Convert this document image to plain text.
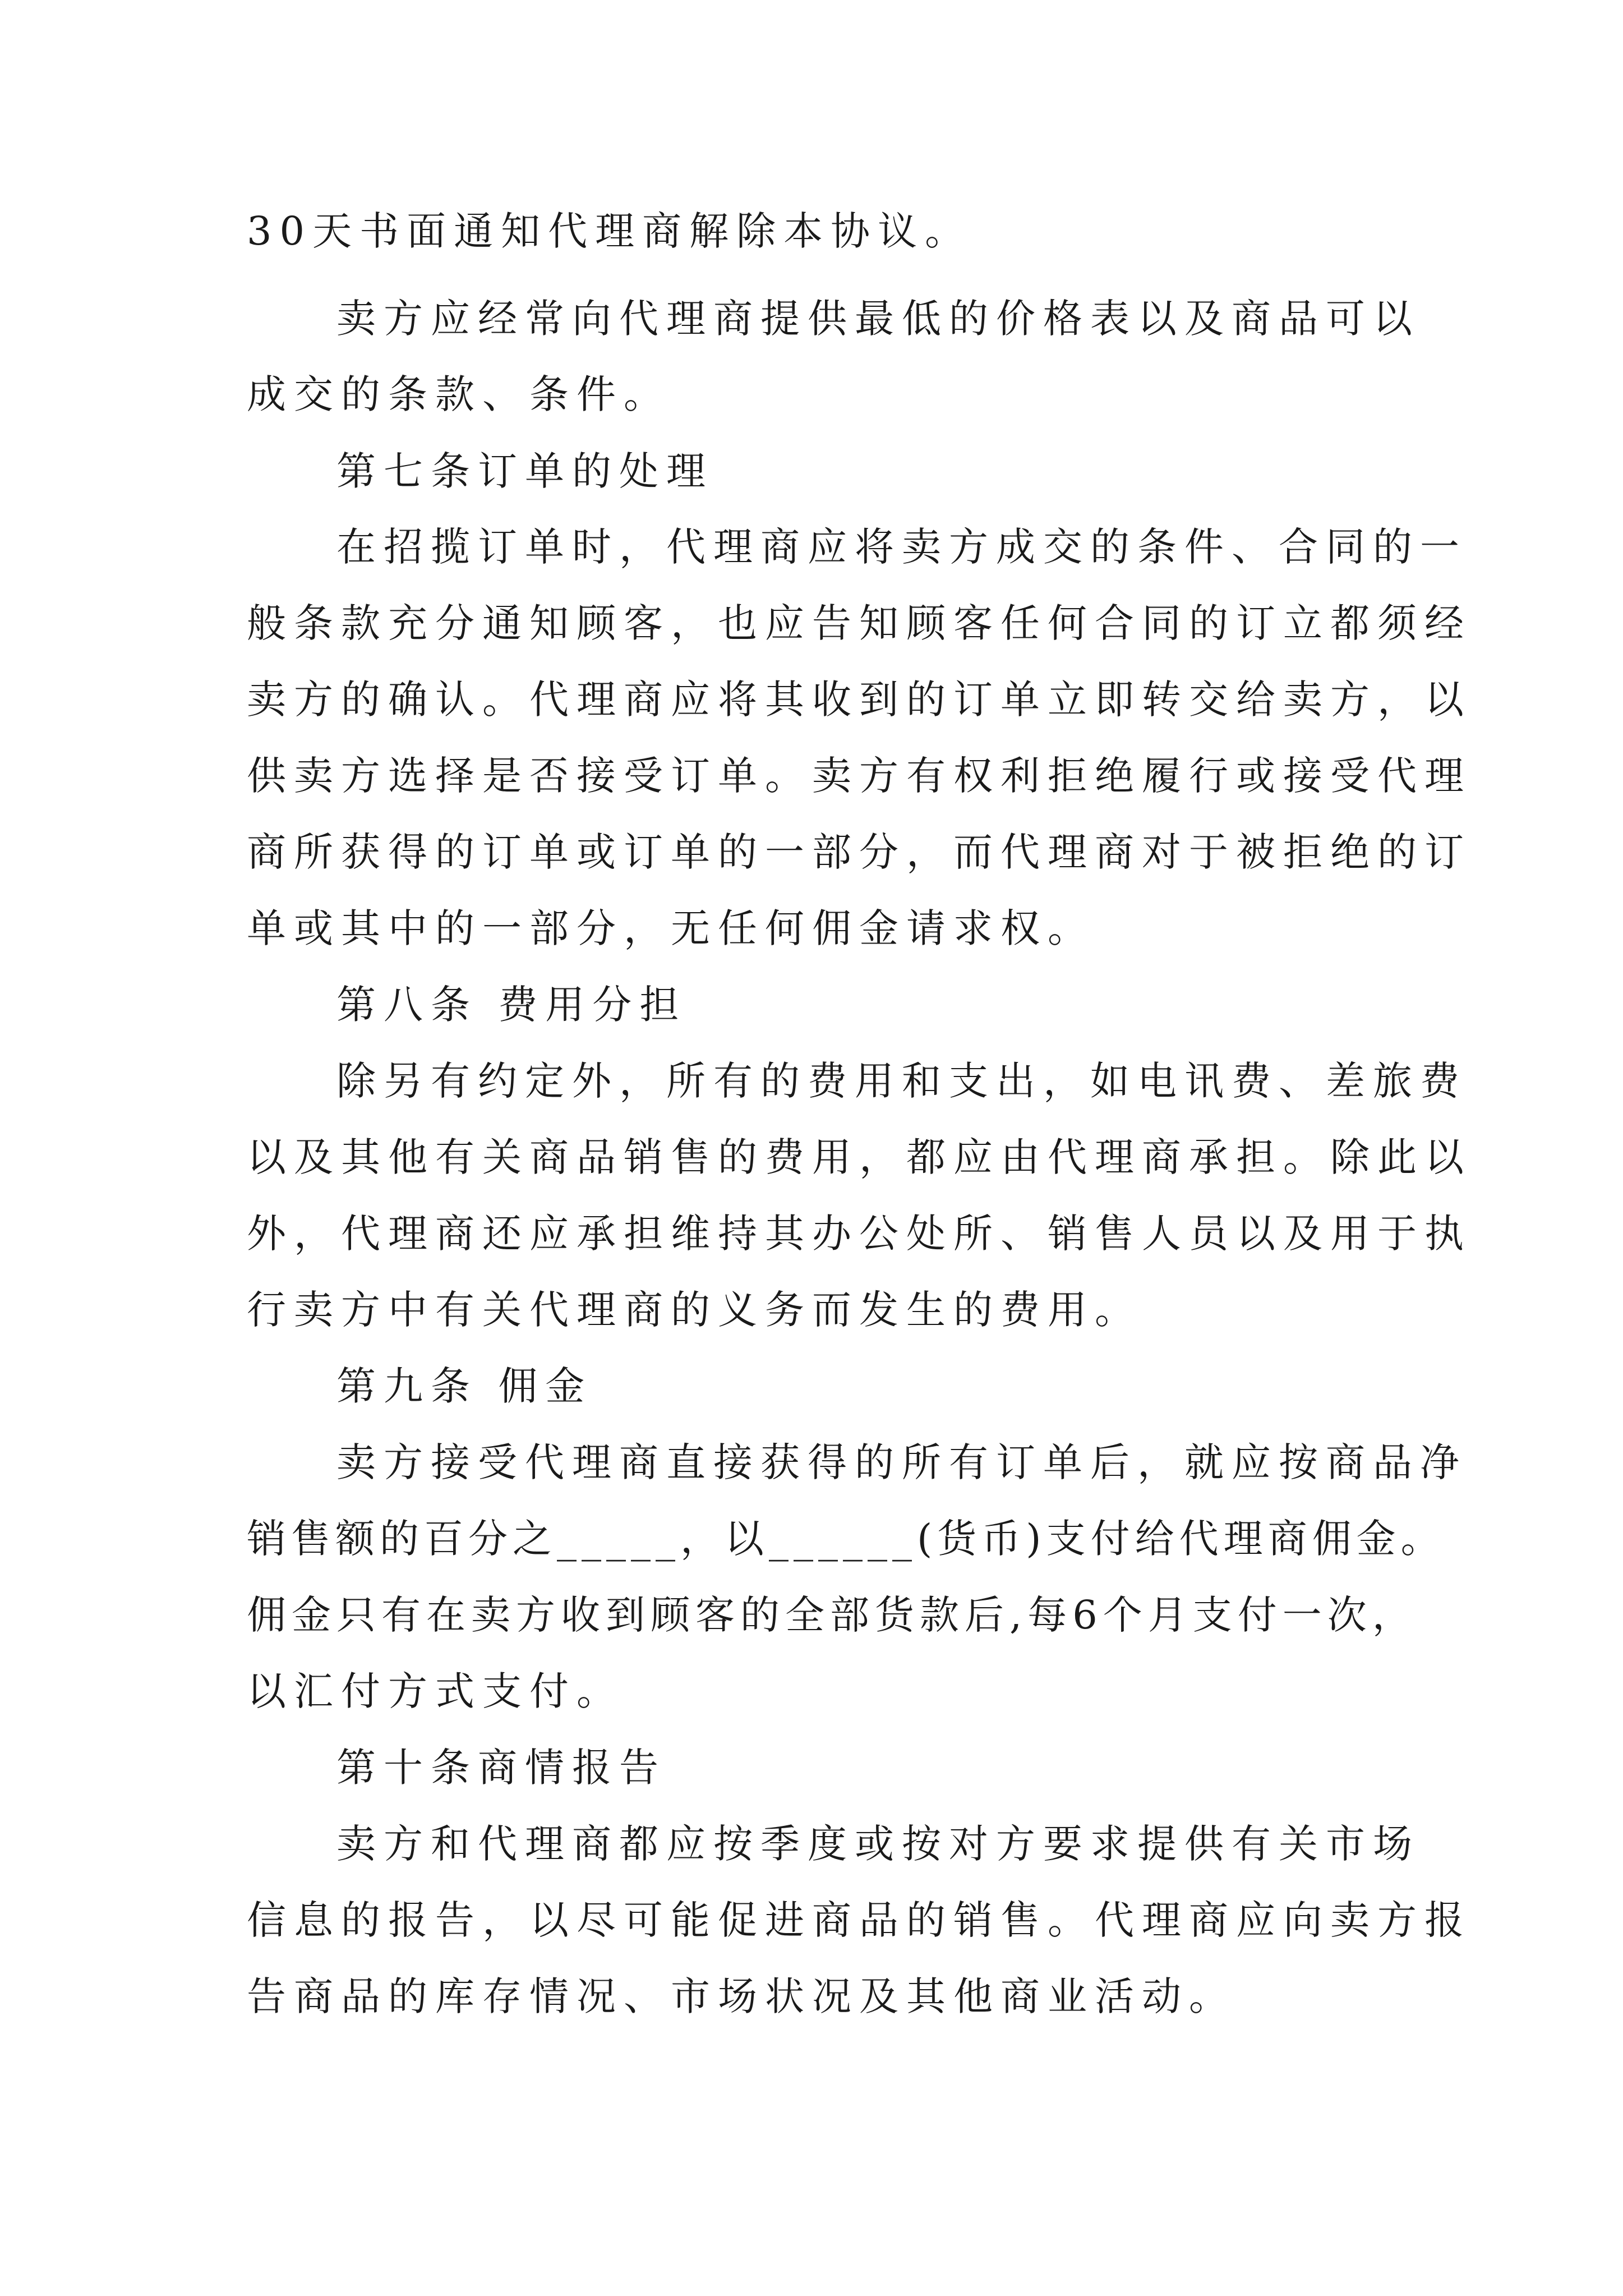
30天书面通知代理商解除本协议。
卖方应经常向代理商提供最低的价格表以及商品可以
成交的条款、条件。
第七条订单的处理
在招揽订单时，代理商应将卖方成交的条件、合同的一
般条款充分通知顾客，也应告知顾客任何合同的订立都须经
卖方的确认。代理商应将其收到的订单立即转交给卖方，以
供卖方选择是否接受订单。卖方有权利拒绝履行或接受代理
商所获得的订单或订单的一部分，而代理商对于被拒绝的订
单或其中的一部分，无任何佣金请求权。
第八条 费用分担
除另有约定外，所有的费用和支出，如电讯费、差旅费
以及其他有关商品销售的费用，都应由代理商承担。除此以
外，代理商还应承担维持其办公处所、销售人员以及用于执
行卖方中有关代理商的义务而发生的费用。
第九条 佣金
卖方接受代理商直接获得的所有订单后，就应按商品净
销售额的百分之_____，以______(货币)支付给代理商佣金。
佣金只有在卖方收到顾客的全部货款后,每6个月支付一次，
以汇付方式支付。
第十条商情报告
卖方和代理商都应按季度或按对方要求提供有关市场
信息的报告，以尽可能促进商品的销售。代理商应向卖方报
告商品的库存情况、市场状况及其他商业活动。
